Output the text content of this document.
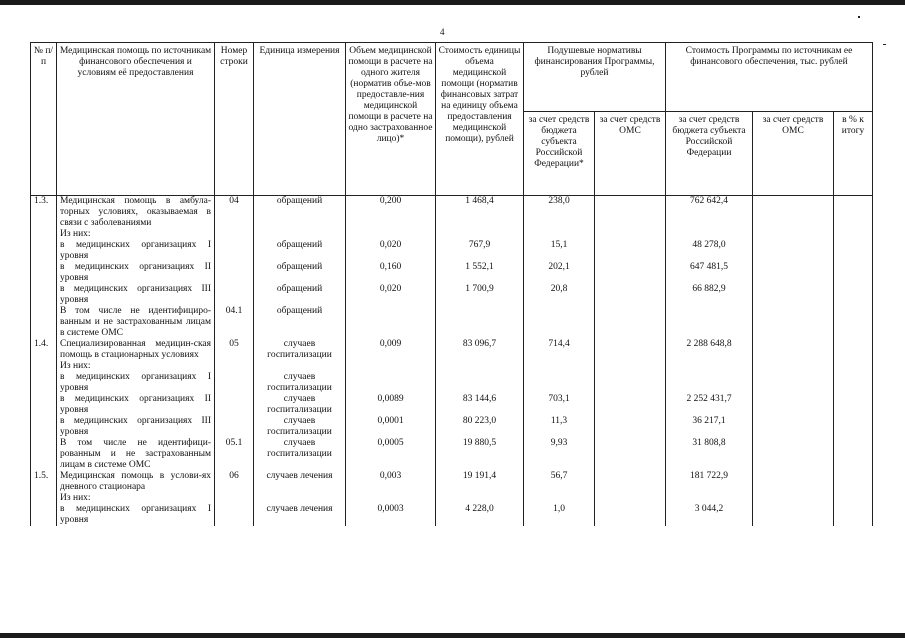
4
№ п/п	Медицинская помощь по источникам финансового обеспечения и условиям её предоставления	Номер строки	Единица измерения	Объем медицинской помощи в расчете на одного жителя (норматив объе-мов предоставле-ния медицинской помощи в расчете на одно застрахованное лицо)*	Стоимость единицы объема медицинской помощи (норматив финансовых затрат на единицу объема предоставления медицинской помощи), рублей	Подушевые нормативы финансирования Программы, рублей		Стоимость Программы по источникам ее финансового обеспечения, тыс. рублей		
						за счет средств бюджета субъекта Российской Федерации*	за счет средств ОМС	за счет средств бюджета субъекта Российской Федерации	за счет средств ОМС	в % к итогу
1.3.	Медицинская помощь в амбула-торных условиях, оказываемая в связи с заболеваниями	04	обращений	0,200	1 468,4	238,0		762 642,4		
	Из них:									
	в медицинских организациях I уровня		обращений	0,020	767,9	15,1		48 278,0		
	в медицинских организациях II уровня		обращений	0,160	1 552,1	202,1		647 481,5		
	в медицинских организациях III уровня		обращений	0,020	1 700,9	20,8		66 882,9		
	В том числе не идентифициро-ванным и не застрахованным лицам в системе ОМС	04.1	обращений							
1.4.	Специализированная медицин-ская помощь в стационарных условиях	05	случаев госпитализации	0,009	83 096,7	714,4		2 288 648,8		
	Из них:									
	в медицинских организациях I уровня		случаев госпитализации							
	в медицинских организациях II уровня		случаев госпитализации	0,0089	83 144,6	703,1		2 252 431,7		
	в медицинских организациях III уровня		случаев госпитализации	0,0001	80 223,0	11,3		36 217,1		
	В том числе не идентифици-рованным и не застрахованным лицам в системе ОМС	05.1	случаев госпитализации	0,0005	19 880,5	9,93		31 808,8		
1.5.	Медицинская помощь в услови-ях дневного стационара	06	случаев лечения	0,003	19 191,4	56,7		181 722,9		
	Из них:									
	в медицинских организациях I уровня		случаев лечения	0,0003	4 228,0	1,0		3 044,2		
